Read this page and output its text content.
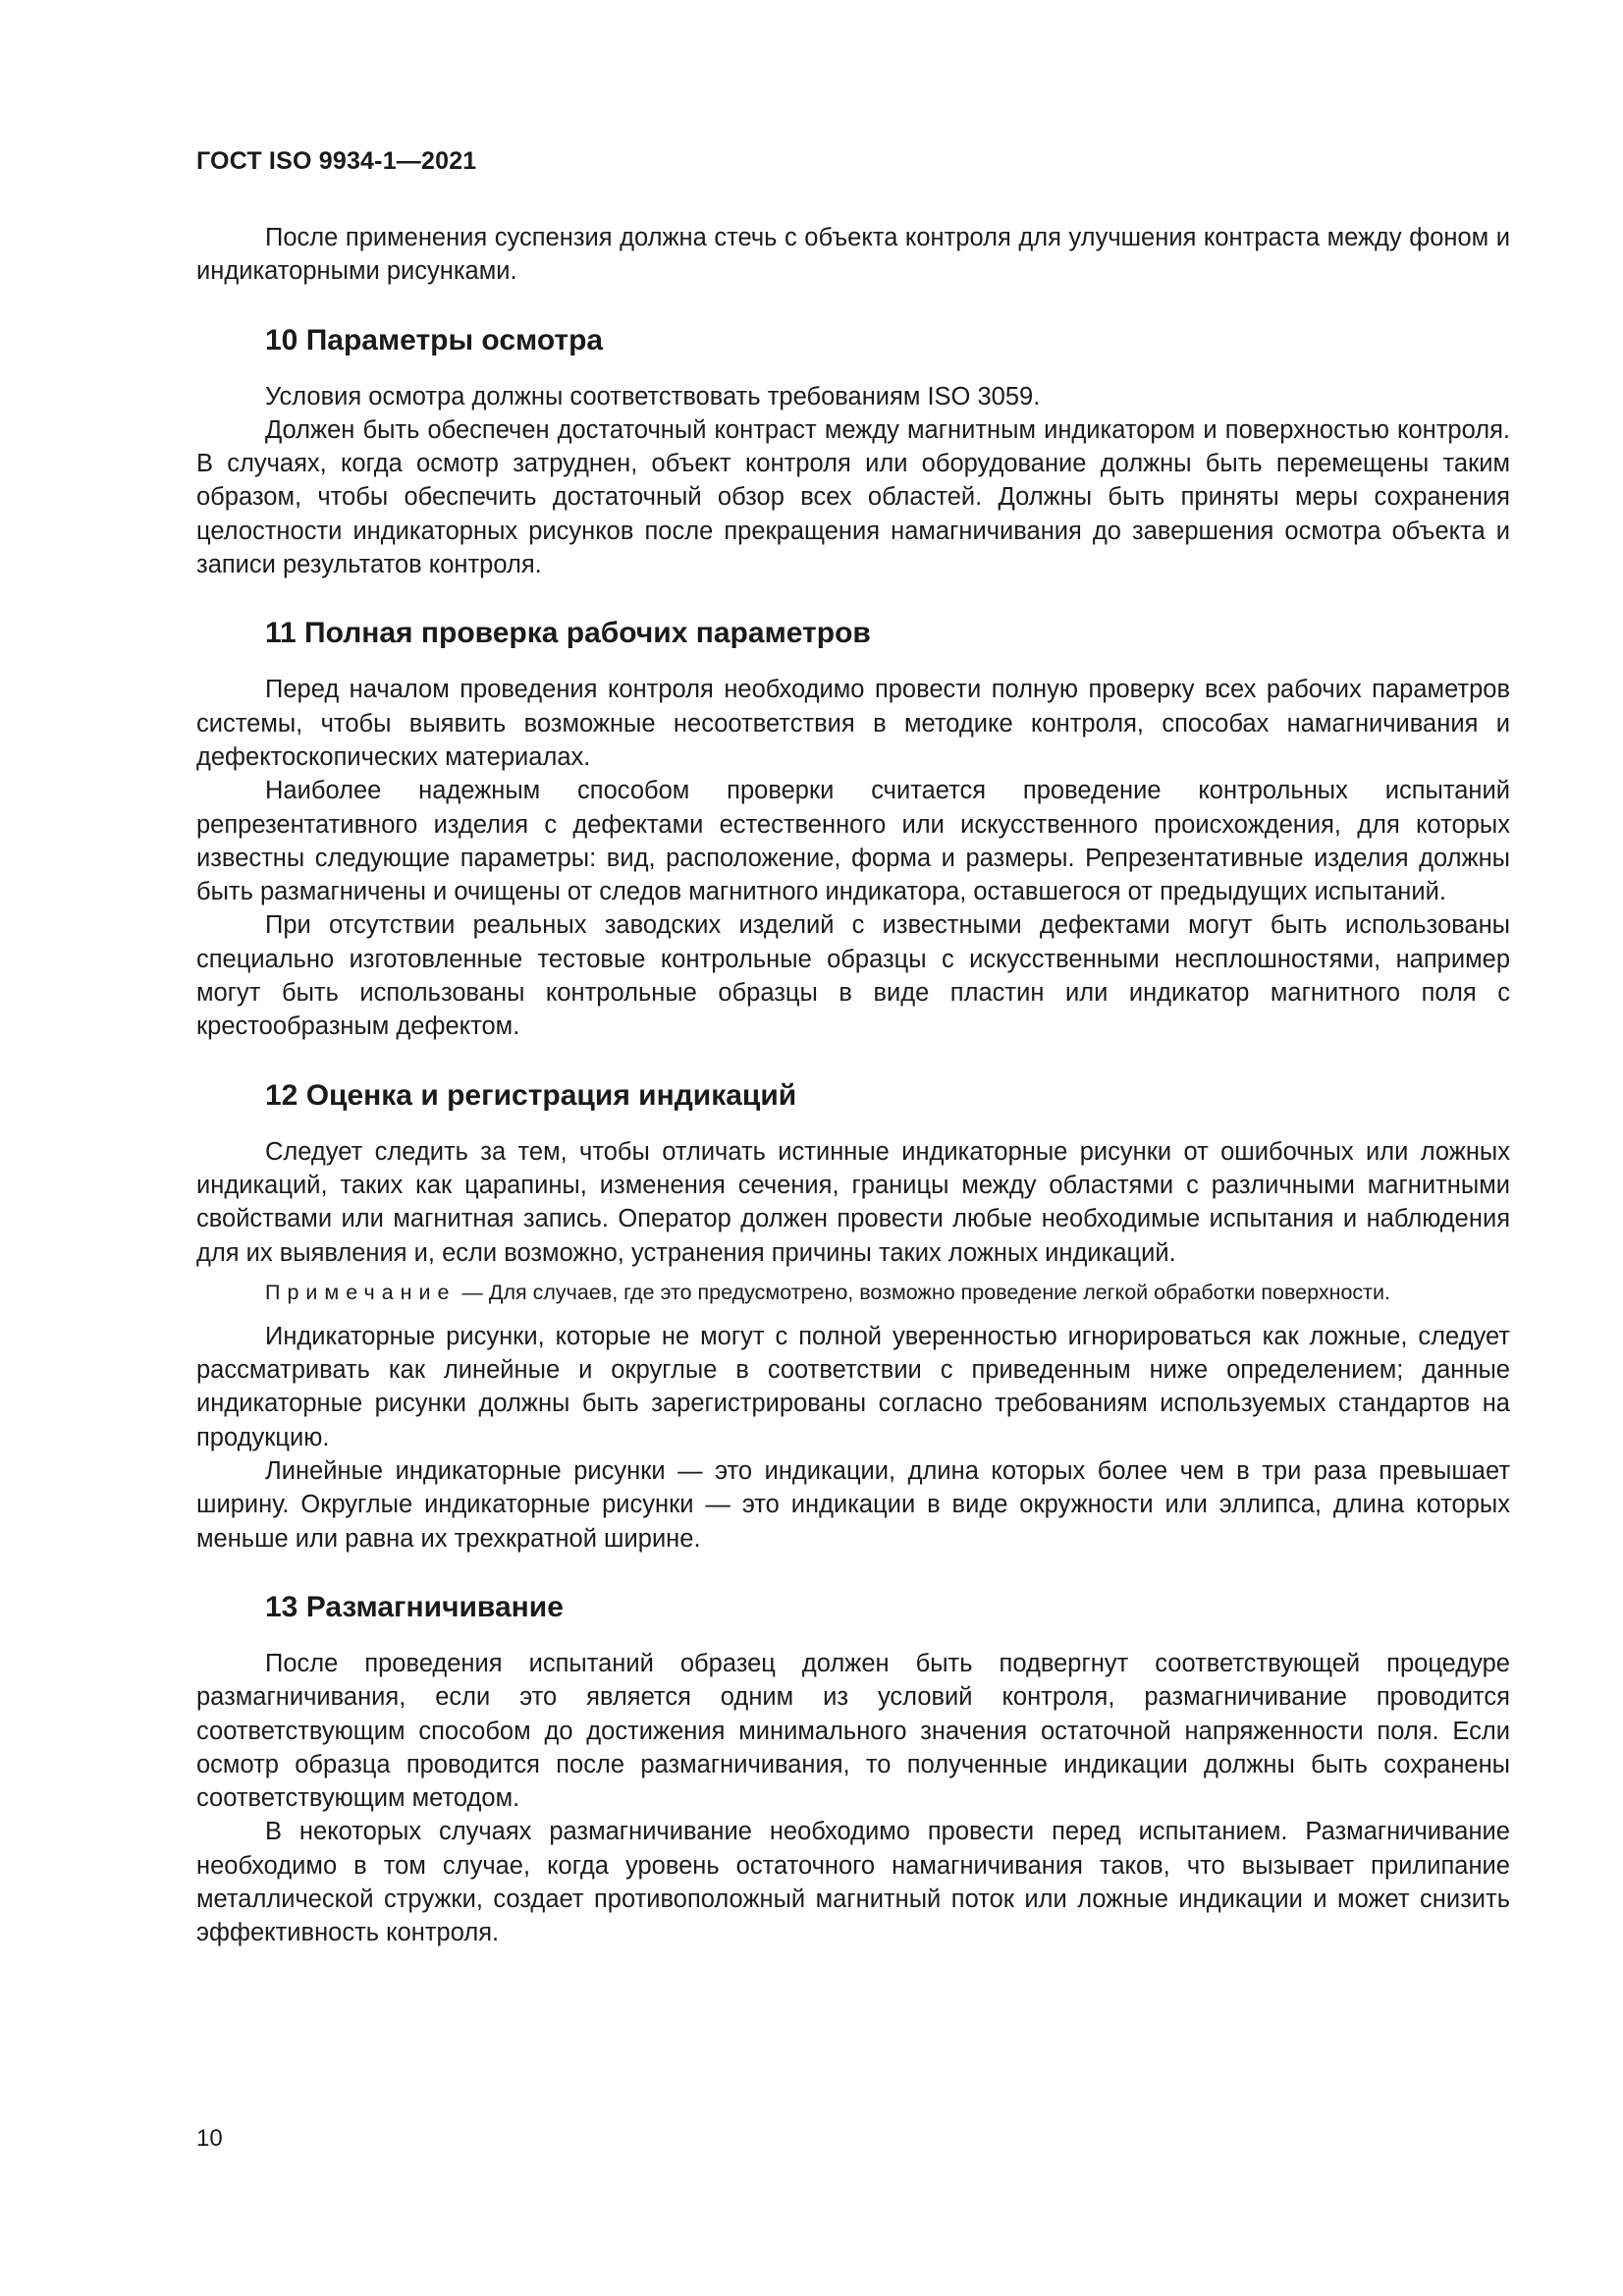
ГОСТ ISO 9934-1—2021

После применения суспензия должна стечь с объекта контроля для улучшения контраста между фоном и индикаторными рисунками.

10 Параметры осмотра

Условия осмотра должны соответствовать требованиям ISO 3059.

Должен быть обеспечен достаточный контраст между магнитным индикатором и поверхностью контроля. В случаях, когда осмотр затруднен, объект контроля или оборудование должны быть перемещены таким образом, чтобы обеспечить достаточный обзор всех областей. Должны быть приняты меры сохранения целостности индикаторных рисунков после прекращения намагничивания до завершения осмотра объекта и записи результатов контроля.

11 Полная проверка рабочих параметров

Перед началом проведения контроля необходимо провести полную проверку всех рабочих параметров системы, чтобы выявить возможные несоответствия в методике контроля, способах намагничивания и дефектоскопических материалах.

Наиболее надежным способом проверки считается проведение контрольных испытаний репрезентативного изделия с дефектами естественного или искусственного происхождения, для которых известны следующие параметры: вид, расположение, форма и размеры. Репрезентативные изделия должны быть размагничены и очищены от следов магнитного индикатора, оставшегося от предыдущих испытаний.

При отсутствии реальных заводских изделий с известными дефектами могут быть использованы специально изготовленные тестовые контрольные образцы с искусственными несплошностями, например могут быть использованы контрольные образцы в виде пластин или индикатор магнитного поля с крестообразным дефектом.

12 Оценка и регистрация индикаций

Следует следить за тем, чтобы отличать истинные индикаторные рисунки от ошибочных или ложных индикаций, таких как царапины, изменения сечения, границы между областями с различными магнитными свойствами или магнитная запись. Оператор должен провести любые необходимые испытания и наблюдения для их выявления и, если возможно, устранения причины таких ложных индикаций.

Примечание — Для случаев, где это предусмотрено, возможно проведение легкой обработки поверхности.

Индикаторные рисунки, которые не могут с полной уверенностью игнорироваться как ложные, следует рассматривать как линейные и округлые в соответствии с приведенным ниже определением; данные индикаторные рисунки должны быть зарегистрированы согласно требованиям используемых стандартов на продукцию.

Линейные индикаторные рисунки — это индикации, длина которых более чем в три раза превышает ширину. Округлые индикаторные рисунки — это индикации в виде окружности или эллипса, длина которых меньше или равна их трехкратной ширине.

13 Размагничивание

После проведения испытаний образец должен быть подвергнут соответствующей процедуре размагничивания, если это является одним из условий контроля, размагничивание проводится соответствующим способом до достижения минимального значения остаточной напряженности поля. Если осмотр образца проводится после размагничивания, то полученные индикации должны быть сохранены соответствующим методом.

В некоторых случаях размагничивание необходимо провести перед испытанием. Размагничивание необходимо в том случае, когда уровень остаточного намагничивания таков, что вызывает прилипание металлической стружки, создает противоположный магнитный поток или ложные индикации и может снизить эффективность контроля.

10
